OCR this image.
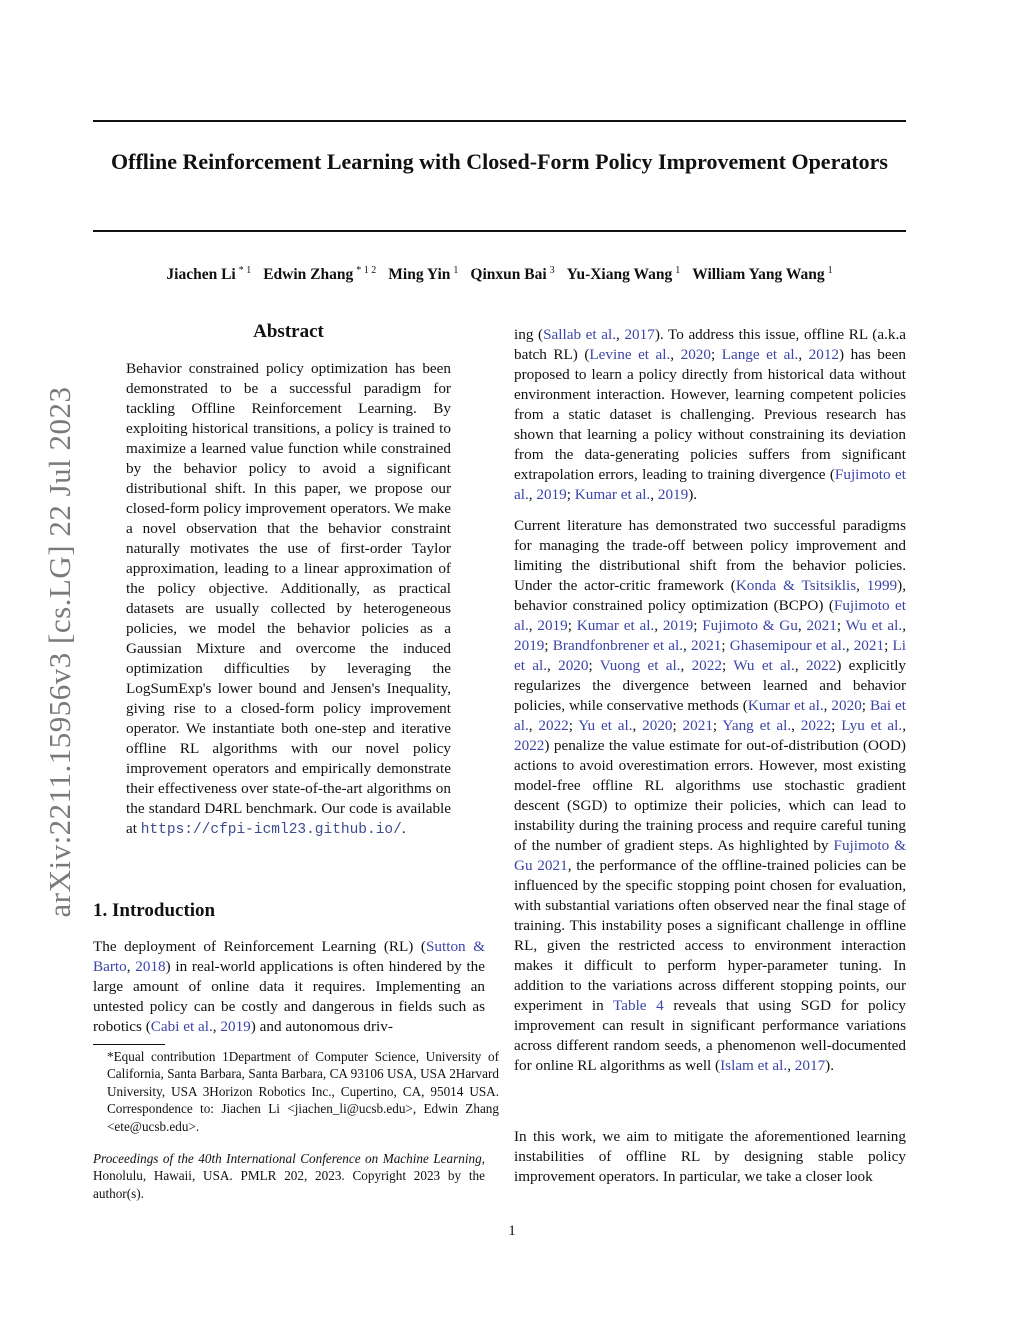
Offline Reinforcement Learning with Closed-Form Policy Improvement Operators
Jiachen Li $^{* 1}$ Edwin Zhang $^{* 1 2}$ Ming Yin $^1$ Qinxun Bai $^3$ Yu-Xiang Wang $^1$ William Yang Wang $^1$
arXiv:2211.15956v3 [cs.LG] 22 Jul 2023
Abstract

Behavior constrained policy optimization has been demonstrated to be a successful paradigm for tackling Offline Reinforcement Learning. By exploiting historical transitions, a policy is trained to maximize a learned value function while constrained by the behavior policy to avoid a significant distributional shift. In this paper, we propose our closed-form policy improvement operators. We make a novel observation that the behavior constraint naturally motivates the use of first-order Taylor approximation, leading to a linear approximation of the policy objective. Additionally, as practical datasets are usually collected by heterogeneous policies, we model the behavior policies as a Gaussian Mixture and overcome the induced optimization difficulties by leveraging the LogSumExp's lower bound and Jensen's Inequality, giving rise to a closed-form policy improvement operator. We instantiate both one-step and iterative offline RL algorithms with our novel policy improvement operators and empirically demonstrate their effectiveness over state-of-the-art algorithms on the standard D4RL benchmark. Our code is available at https://cfpi-icml23.github.io/.

1. Introduction

The deployment of Reinforcement Learning (RL) (Sutton & Barto, 2018) in real-world applications is often hindered by the large amount of online data it requires. Implementing an untested policy can be costly and dangerous in fields such as robotics (Cabi et al., 2019) and autonomous driv-

*Equal contribution 1Department of Computer Science, University of California, Santa Barbara, Santa Barbara, CA 93106 USA, USA 2Harvard University, USA 3Horizon Robotics Inc., Cupertino, CA, 95014 USA. Correspondence to: Jiachen Li <jiachen_li@ucsb.edu>, Edwin Zhang <ete@ucsb.edu>.

Proceedings of the 40th International Conference on Machine Learning, Honolulu, Hawaii, USA. PMLR 202, 2023. Copyright 2023 by the author(s).

ing (Sallab et al., 2017). To address this issue, offline RL (a.k.a batch RL) (Levine et al., 2020; Lange et al., 2012) has been proposed to learn a policy directly from historical data without environment interaction. However, learning competent policies from a static dataset is challenging. Previous research has shown that learning a policy without constraining its deviation from the data-generating policies suffers from significant extrapolation errors, leading to training divergence (Fujimoto et al., 2019; Kumar et al., 2019).

Current literature has demonstrated two successful paradigms for managing the trade-off between policy improvement and limiting the distributional shift from the behavior policies. Under the actor-critic framework (Konda & Tsitsiklis, 1999), behavior constrained policy optimization (BCPO) (Fujimoto et al., 2019; Kumar et al., 2019; Fujimoto & Gu, 2021; Wu et al., 2019; Brandfonbrener et al., 2021; Ghasemipour et al., 2021; Li et al., 2020; Vuong et al., 2022; Wu et al., 2022) explicitly regularizes the divergence between learned and behavior policies, while conservative methods (Kumar et al., 2020; Bai et al., 2022; Yu et al., 2020; 2021; Yang et al., 2022; Lyu et al., 2022) penalize the value estimate for out-of-distribution (OOD) actions to avoid overestimation errors. However, most existing model-free offline RL algorithms use stochastic gradient descent (SGD) to optimize their policies, which can lead to instability during the training process and require careful tuning of the number of gradient steps. As highlighted by Fujimoto & Gu 2021, the performance of the offline-trained policies can be influenced by the specific stopping point chosen for evaluation, with substantial variations often observed near the final stage of training. This instability poses a significant challenge in offline RL, given the restricted access to environment interaction makes it difficult to perform hyper-parameter tuning. In addition to the variations across different stopping points, our experiment in Table 4 reveals that using SGD for policy improvement can result in significant performance variations across different random seeds, a phenomenon well-documented for online RL algorithms as well (Islam et al., 2017).

In this work, we aim to mitigate the aforementioned learning instabilities of offline RL by designing stable policy improvement operators. In particular, we take a closer look

1
